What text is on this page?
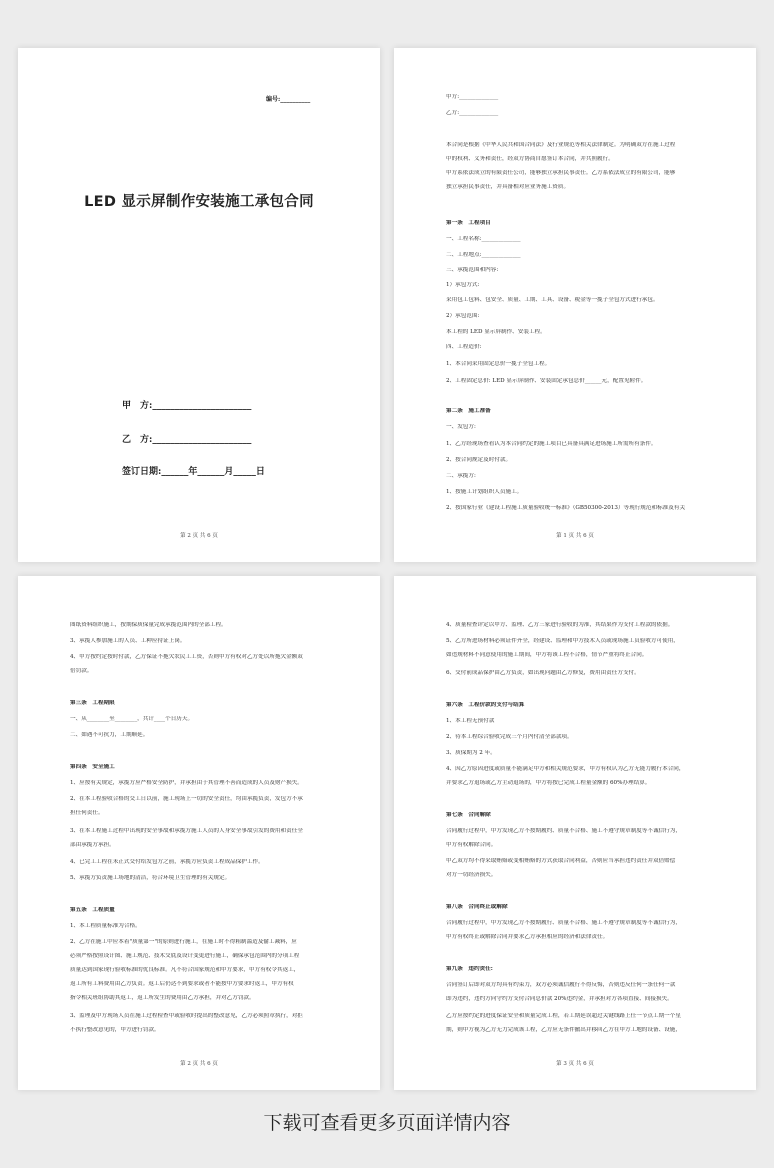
编号:__________
LED 显示屏制作安装施工承包合同
甲　方:______________________
乙　方:______________________
签订日期:______年______月_____日
第 2 页 共 6 页
甲方:______________
乙方:______________
本合同是根据《中华人民共和国合同法》及行业规范等相关法律制定。为明确双方在施工过程
中的权利、义务和责任，经双方协商自愿签订本合同，并共照履行。
甲方系依法成立的有限责任公司，能够独立承担民事责任。乙方系依法成立的有限公司，能够
独立承担民事责任，并具备相对应业务施工资质。
第一条　工程项目
一、工程名称:______________
二、工程地点:______________
三、承揽范围和内容:
1）承包方式:
采用包工包料、包安全、质量、工期、工具、设备、税金等一揽子全包方式进行承包。
2）承包范围:
本工程的 LED 显示屏制作、安装工程。
四、工程造价:
1、本合同采用固定总价一揽子全包工程。
2、工程固定总价: LED 显示屏制作、安装固定承包总价______元，配置见附件。
第二条　施工准备
一、发包方:
1、乙方经现场查看认为本合同约定的施工项目已具备具满足进场施工所需所有条件。
2、按合同规定及时付款。
二、承揽方:
1、按施工计划组织人员施工。
2、按国家行业《建设工程施工质量验收统一标准》（GB50300-2013）等现行规范和标准及有关
第 1 页 共 6 页
图纸资料组织施工，按期保质保量完成承揽范围内的全部工程。
3、承揽人参加施工的人员、工种应持证上岗。
4、甲方按约定按时付款，乙方保证不拖欠农民工工资，否则甲方有权对乙方处以所拖欠金额双
倍罚款。
第三条　工程期限
一、从________至________，共计____个日历天。
二、如遇不可抗力，工期顺延。
第四条　安全施工
1、应按有关规定，承揽方应严格安全防护，并承担由于其管理不善而造成的人员及财产损失。
2、在本工程验收合格的交工日以前，施工现场上一切的安全责任，均由承揽负责，发包方不承
担任何责任。
3、在本工程施工过程中出现的安全事故和承揽方施工人员的人身安全事故引发的费用和责任全
部由承揽方承担。
4、已完工工程在未正式交付给发包方之前，承揽方应负责工程成品保护工作。
5、承揽方负责施工场地的清洁，符合环境卫生管理的有关规定。
第五条　工程质量
1、本工程质量标准为合格。
2、乙方在施工中应本着"质量第一"的原则进行施工，在施工时不得粗制滥造及偷工减料，应
必须严格按照设计图、施工规范、技术交底及设计变更进行施工，确保承包范围内的分项工程
质量达到国家现行验收标准的优良标准。凡不符合国家规范和甲方要求，甲方有权令其返工，
返工所有工料费用由乙方负责。返工后仍达不到要求或者不能按甲方要求时返工，甲方有权
指令相关班组协助其返工，返工所发生的费用由乙方承担，并对乙方罚款。
3、监理及甲方现场人员在施工过程检查中或验收时提出的整改意见，乙方必须照章执行，对拒
不执行整改意见的，甲方进行罚款。
第 2 页 共 6 页
4、质量检查评定以甲方、监理、乙方三家进行验收的为准，其结果作为支付工程款的依据。
5、乙方所进场材料必须证件齐全，经建设、监理和甲方技术人员或现场施工员验收方可使用，
如违规材料不同意使用的施工期间，甲方将该工程不合格，情节严重将终止合同。
6、交付前成品保护由乙方负责，如出现问题由乙方修复，费用由责任方支付。
第六条　工程价款的支付与结算
1、本工程无预付款
2、待本工程综合验收完成三个月内付清全部款项。
3、质保期为 2 年。
4、因乙方原因进度或质量不能满足甲方和相关规范要求，甲方有权认为乙方无能力履行本合同，
并要求乙方退场或乙方主动退场的，甲方将按已完成工程量金额的 60%办理结算。
第七条　合同解除
合同履行过程中，甲方发现乙方不按期履约、质量不合格、施工不遵守规章制度等不诚信行为，
甲方有权解除合同。
甲乙双方均不得采取贿赂或变相贿赂的方式获取合同利益，否则应当承担违约责任并双倍赔偿
对方一切经济损失。
第八条　合同终止或解除
合同履行过程中，甲方发现乙方不按期履行、质量不合格、施工不遵守规章制度等不诚信行为，
甲方有权终止或解除合同并要求乙方承担相应的经济和法律责任。
第九条　违约责任:
合同签订后即对双方均具有约束力，双方必须诚信履行不得反悔，否则违反任何一条任何一款
即为违约，违约方向守约方支付合同总价款 20%违约金，并承担对方各项直接、间接损失。
乙方应按约定的进度保证安全和质量完成工程，若工期延误超过关键线路上任一节点工期一个星
期，则甲方视为乙方无力完成该工程，乙方应无条件撤出并移回乙方在甲方工地的设备、设施，
第 3 页 共 6 页
下载可查看更多页面详情内容
